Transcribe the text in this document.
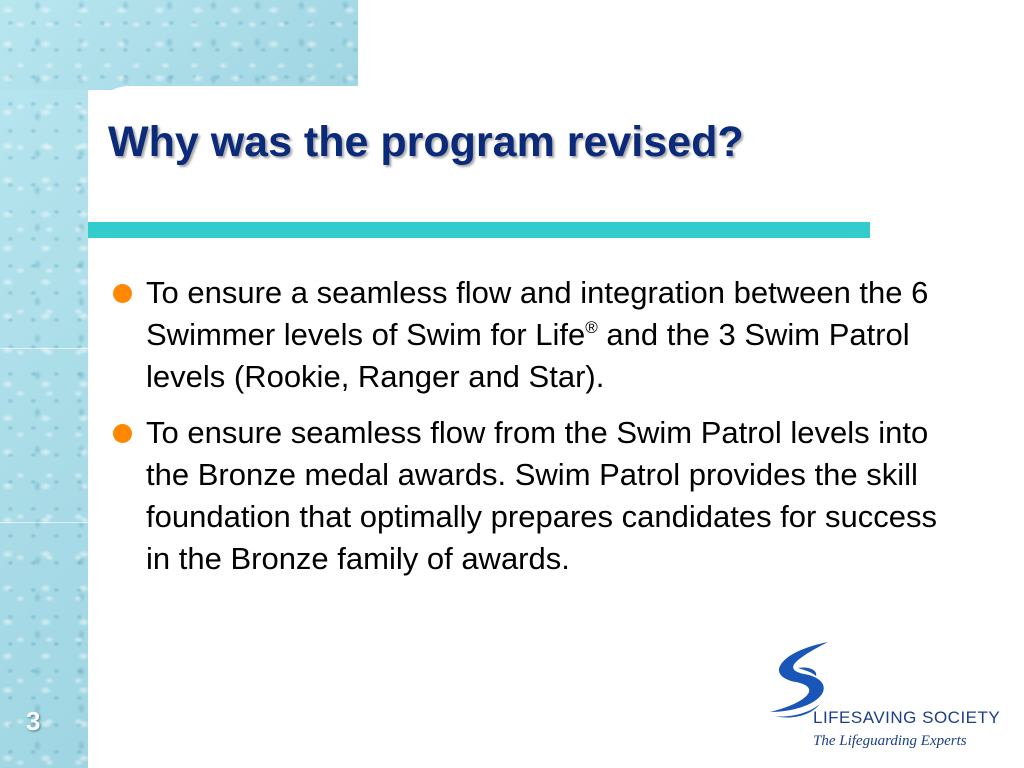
Why was the program revised?
To ensure a seamless flow and integration between the 6 Swimmer levels of Swim for Life® and the 3 Swim Patrol levels (Rookie, Ranger and Star).
To ensure seamless flow from the Swim Patrol levels into the Bronze medal awards. Swim Patrol provides the skill foundation that optimally prepares candidates for success in the Bronze family of awards.
3	LIFESAVING SOCIETY
The Lifeguarding Experts
